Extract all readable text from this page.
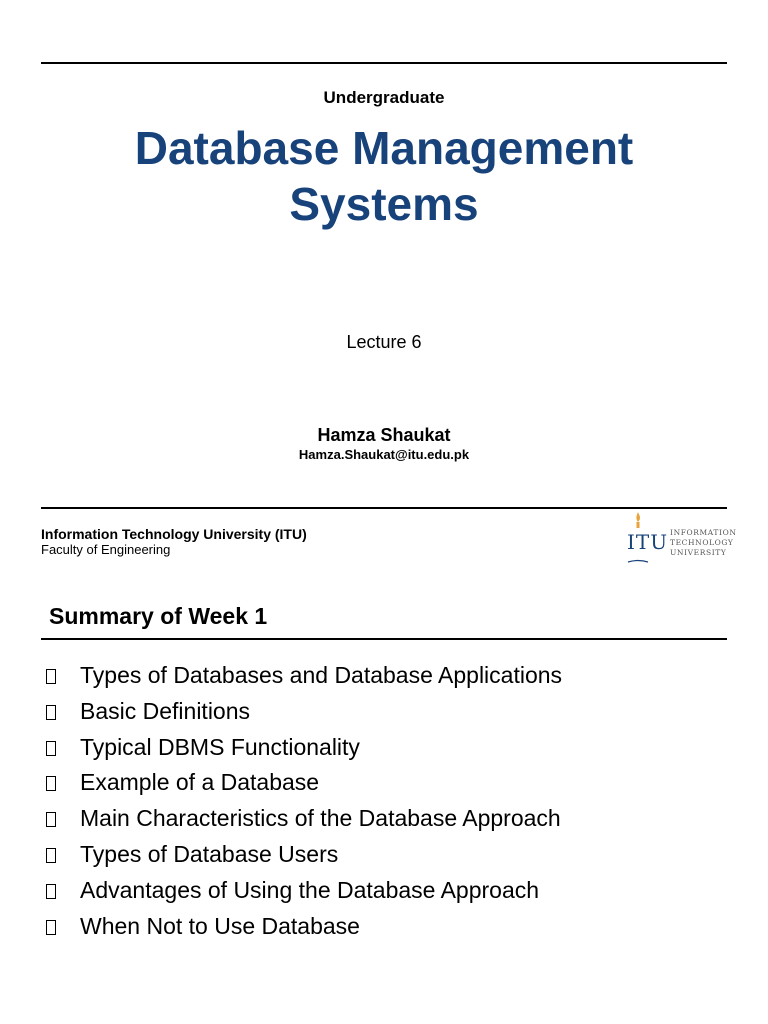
Undergraduate
Database Management
Systems
Lecture 6
Hamza Shaukat
Hamza.Shaukat@itu.edu.pk
Information Technology University (ITU)
Faculty of Engineering	ITU INFORMATION
TECHNOLOGY
UNIVERSITY
Summary of Week 1
Types of Databases and Database Applications
Basic Definitions
Typical DBMS Functionality
Example of a Database
Main Characteristics of the Database Approach
Types of Database Users
Advantages of Using the Database Approach
When Not to Use Database
